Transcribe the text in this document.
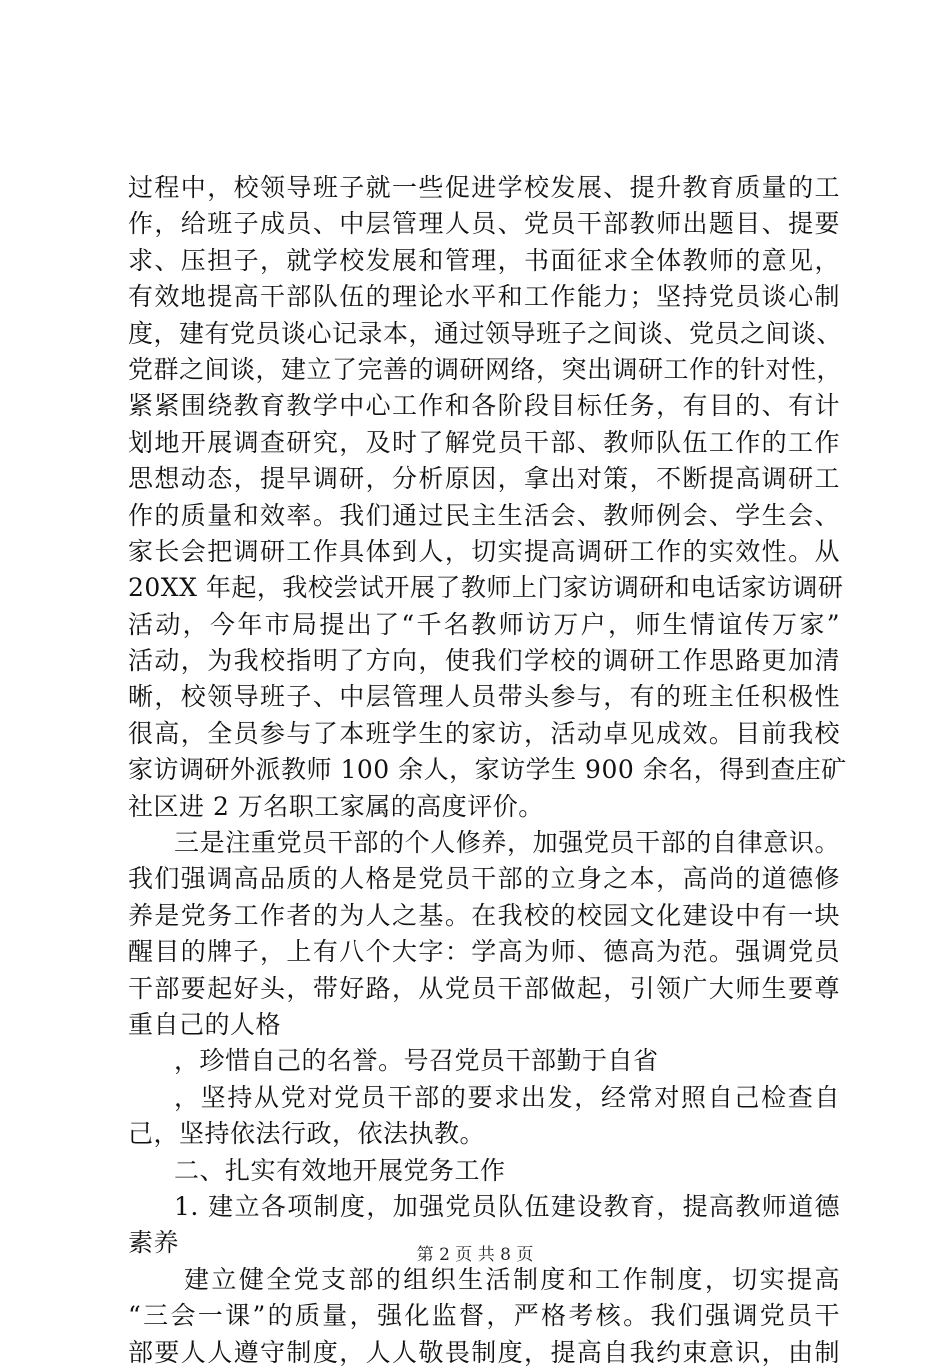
过程中，校领导班子就一些促进学校发展、提升教育质量的工
作，给班子成员、中层管理人员、党员干部教师出题目、提要
求、压担子，就学校发展和管理，书面征求全体教师的意见，
有效地提高干部队伍的理论水平和工作能力；坚持党员谈心制
度，建有党员谈心记录本，通过领导班子之间谈、党员之间谈、
党群之间谈，建立了完善的调研网络，突出调研工作的针对性，
紧紧围绕教育教学中心工作和各阶段目标任务，有目的、有计
划地开展调查研究，及时了解党员干部、教师队伍工作的工作
思想动态，提早调研，分析原因，拿出对策，不断提高调研工
作的质量和效率。我们通过民主生活会、教师例会、学生会、
家长会把调研工作具体到人，切实提高调研工作的实效性。从
20XX 年起，我校尝试开展了教师上门家访调研和电话家访调研
活动，今年市局提出了“千名教师访万户，师生情谊传万家”
活动，为我校指明了方向，使我们学校的调研工作思路更加清
晰，校领导班子、中层管理人员带头参与，有的班主任积极性
很高，全员参与了本班学生的家访，活动卓见成效。目前我校
家访调研外派教师 100 余人，家访学生 900 余名，得到查庄矿
社区进 2 万名职工家属的高度评价。
三是注重党员干部的个人修养，加强党员干部的自律意识。
我们强调高品质的人格是党员干部的立身之本，高尚的道德修
养是党务工作者的为人之基。在我校的校园文化建设中有一块
醒目的牌子，上有八个大字：学高为师、德高为范。强调党员
干部要起好头，带好路，从党员干部做起，引领广大师生要尊
重自己的人格
，珍惜自己的名誉。号召党员干部勤于自省
，坚持从党对党员干部的要求出发，经常对照自己检查自
己，坚持依法行政，依法执教。
二、扎实有效地开展党务工作
1. 建立各项制度，加强党员队伍建设教育，提高教师道德
素养
建立健全党支部的组织生活制度和工作制度，切实提高
“三会一课”的质量，强化监督，严格考核。我们强调党员干
部要人人遵守制度，人人敬畏制度，提高自我约束意识，由制
第 2 页 共 8 页
